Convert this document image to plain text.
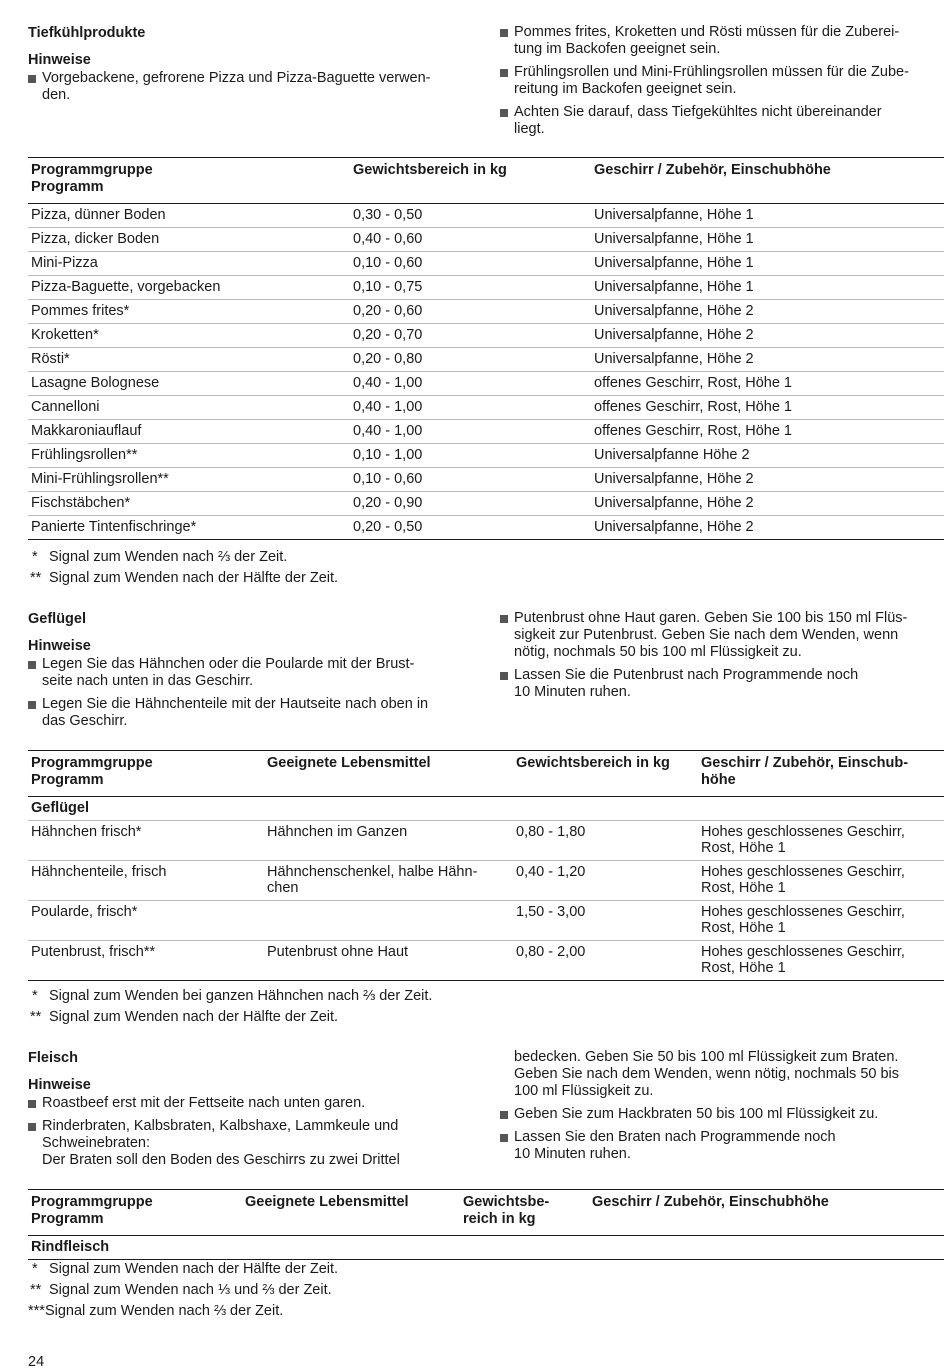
Tiefkühlprodukte
Hinweise
Vorgebackene, gefrorene Pizza und Pizza-Baguette verwen-
den.
Pommes frites, Kroketten und Rösti müssen für die Zuberei-
tung im Backofen geeignet sein.
Frühlingsrollen und Mini-Frühlingsrollen müssen für die Zube-
reitung im Backofen geeignet sein.
Achten Sie darauf, dass Tiefgekühltes nicht übereinander
liegt.
Programmgruppe
Programm	Gewichtsbereich in kg	Geschirr / Zubehör, Einschubhöhe
Pizza, dünner Boden	0,30 - 0,50	Universalpfanne, Höhe 1
Pizza, dicker Boden	0,40 - 0,60	Universalpfanne, Höhe 1
Mini-Pizza	0,10 - 0,60	Universalpfanne, Höhe 1
Pizza-Baguette, vorgebacken	0,10 - 0,75	Universalpfanne, Höhe 1
Pommes frites*	0,20 - 0,60	Universalpfanne, Höhe 2
Kroketten*	0,20 - 0,70	Universalpfanne, Höhe 2
Rösti*	0,20 - 0,80	Universalpfanne, Höhe 2
Lasagne Bolognese	0,40 - 1,00	offenes Geschirr, Rost, Höhe 1
Cannelloni	0,40 - 1,00	offenes Geschirr, Rost, Höhe 1
Makkaroniauflauf	0,40 - 1,00	offenes Geschirr, Rost, Höhe 1
Frühlingsrollen**	0,10 - 1,00	Universalpfanne Höhe 2
Mini-Frühlingsrollen**	0,10 - 0,60	Universalpfanne, Höhe 2
Fischstäbchen*	0,20 - 0,90	Universalpfanne, Höhe 2
Panierte Tintenfischringe*	0,20 - 0,50	Universalpfanne, Höhe 2
* Signal zum Wenden nach ⅔ der Zeit.
** Signal zum Wenden nach der Hälfte der Zeit.
Geflügel
Hinweise
Legen Sie das Hähnchen oder die Poularde mit der Brust-
seite nach unten in das Geschirr.
Legen Sie die Hähnchenteile mit der Hautseite nach oben in
das Geschirr.
Putenbrust ohne Haut garen. Geben Sie 100 bis 150 ml Flüs-
sigkeit zur Putenbrust. Geben Sie nach dem Wenden, wenn
nötig, nochmals 50 bis 100 ml Flüssigkeit zu.
Lassen Sie die Putenbrust nach Programmende noch
10 Minuten ruhen.
Programmgruppe
Programm	Geeignete Lebensmittel	Gewichtsbereich in kg	Geschirr / Zubehör, Einschub-
höhe
Geflügel			
Hähnchen frisch*	Hähnchen im Ganzen	0,80 - 1,80	Hohes geschlossenes Geschirr,
Rost, Höhe 1
Hähnchenteile, frisch	Hähnchenschenkel, halbe Hähn-
chen	0,40 - 1,20	Hohes geschlossenes Geschirr,
Rost, Höhe 1
Poularde, frisch*		1,50 - 3,00	Hohes geschlossenes Geschirr,
Rost, Höhe 1
Putenbrust, frisch**	Putenbrust ohne Haut	0,80 - 2,00	Hohes geschlossenes Geschirr,
Rost, Höhe 1
* Signal zum Wenden bei ganzen Hähnchen nach ⅔ der Zeit.
** Signal zum Wenden nach der Hälfte der Zeit.
Fleisch
Hinweise
Roastbeef erst mit der Fettseite nach unten garen.
Rinderbraten, Kalbsbraten, Kalbshaxe, Lammkeule und
Schweinebraten:
Der Braten soll den Boden des Geschirrs zu zwei Drittel
bedecken. Geben Sie 50 bis 100 ml Flüssigkeit zum Braten.
Geben Sie nach dem Wenden, wenn nötig, nochmals 50 bis
100 ml Flüssigkeit zu.
Geben Sie zum Hackbraten 50 bis 100 ml Flüssigkeit zu.
Lassen Sie den Braten nach Programmende noch
10 Minuten ruhen.
Programmgruppe
Programm	Geeignete Lebensmittel	Gewichtsbe-
reich in kg	Geschirr / Zubehör, Einschubhöhe
Rindfleisch
* Signal zum Wenden nach der Hälfte der Zeit.
** Signal zum Wenden nach ⅓ und ⅔ der Zeit.
***Signal zum Wenden nach ⅔ der Zeit.
24
